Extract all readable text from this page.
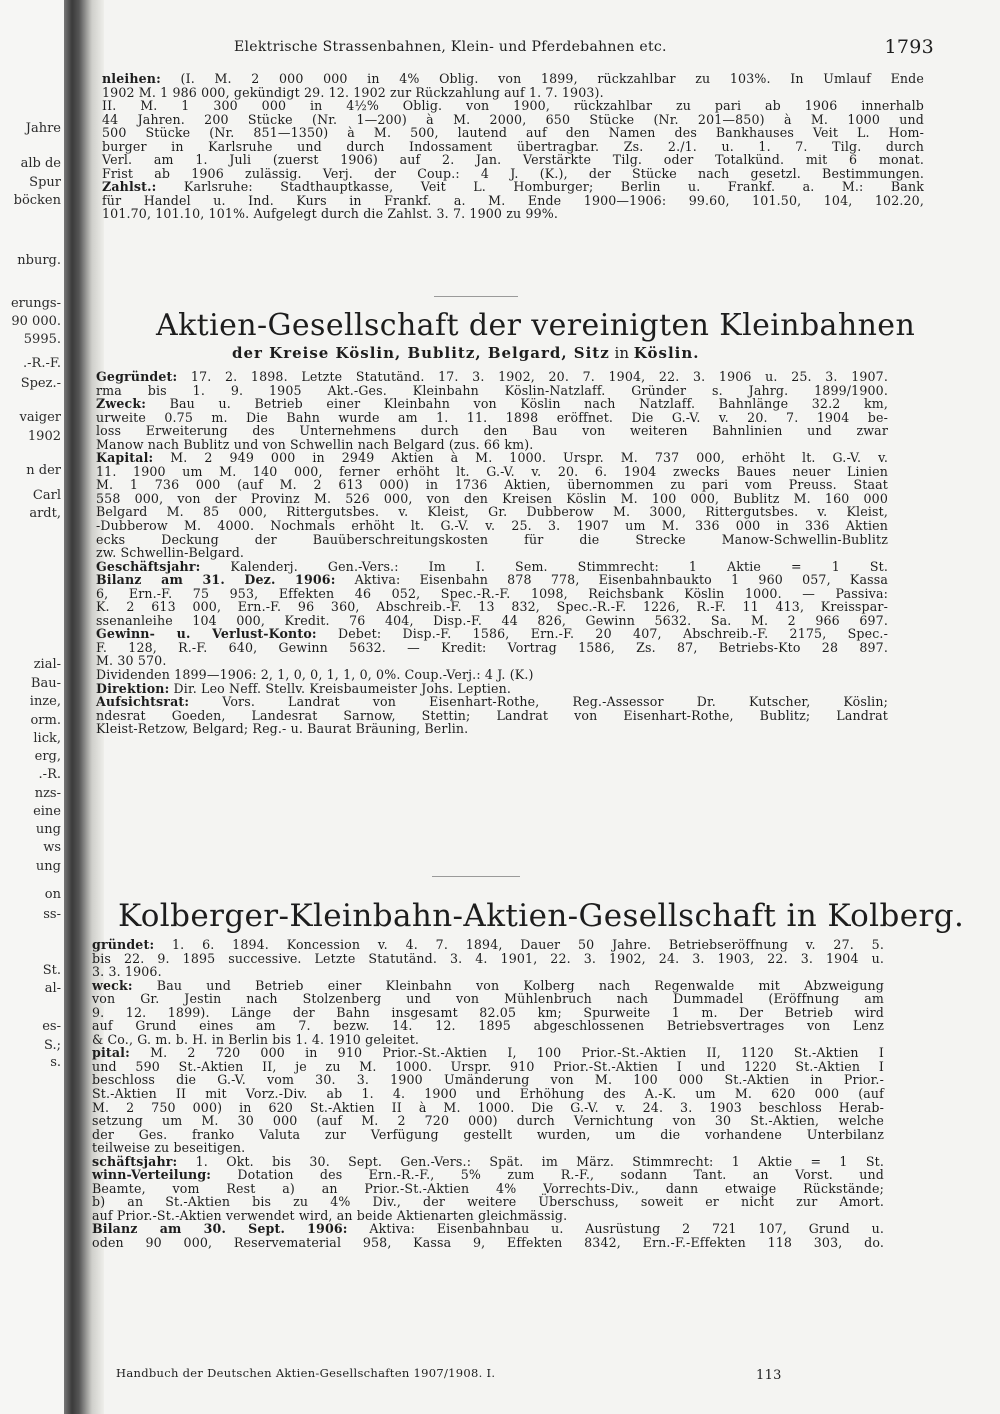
Jahre
alb de
Spur
böcken
nburg.
erungs-
90 000.
5995.
.-R.-F.
Spez.-
vaiger
1902
n der
Carl
ardt,
zial-
Bau-
inze,
orm.
lick,
erg,
.-R.
nzs-
eine
ung
ws
ung
on
ss-
St.
al-
es-
S.;
s.
Elektrische Strassenbahnen, Klein- und Pferdebahnen etc.	1793
nleihen: (I. M. 2 000 000 in 4% Oblig. von 1899, rückzahlbar zu 103%. In Umlauf Ende
1902 M. 1 986 000, gekündigt 29. 12. 1902 zur Rückzahlung auf 1. 7. 1903).
II. M. 1 300 000 in 4½% Oblig. von 1900, rückzahlbar zu pari ab 1906 innerhalb
44 Jahren. 200 Stücke (Nr. 1—200) à M. 2000, 650 Stücke (Nr. 201—850) à M. 1000 und
500 Stücke (Nr. 851—1350) à M. 500, lautend auf den Namen des Bankhauses Veit L. Hom-
burger in Karlsruhe und durch Indossament übertragbar. Zs. 2./1. u. 1. 7. Tilg. durch
Verl. am 1. Juli (zuerst 1906) auf 2. Jan. Verstärkte Tilg. oder Totalkünd. mit 6 monat.
Frist ab 1906 zulässig. Verj. der Coup.: 4 J. (K.), der Stücke nach gesetzl. Bestimmungen.
Zahlst.: Karlsruhe: Stadthauptkasse, Veit L. Homburger; Berlin u. Frankf. a. M.: Bank
für Handel u. Ind. Kurs in Frankf. a. M. Ende 1900—1906: 99.60, 101.50, 104, 102.20,
101.70, 101.10, 101%. Aufgelegt durch die Zahlst. 3. 7. 1900 zu 99%.
Aktien-Gesellschaft der vereinigten Kleinbahnen
der Kreise Köslin, Bublitz, Belgard, Sitz in Köslin.
Gegründet: 17. 2. 1898. Letzte Statutänd. 17. 3. 1902, 20. 7. 1904, 22. 3. 1906 u. 25. 3. 1907.
rma bis 1. 9. 1905 Akt.-Ges. Kleinbahn Köslin-Natzlaff. Gründer s. Jahrg. 1899/1900.
Zweck: Bau u. Betrieb einer Kleinbahn von Köslin nach Natzlaff. Bahnlänge 32.2 km,
urweite 0.75 m. Die Bahn wurde am 1. 11. 1898 eröffnet. Die G.-V. v. 20. 7. 1904 be-
loss Erweiterung des Unternehmens durch den Bau von weiteren Bahnlinien und zwar
Manow nach Bublitz und von Schwellin nach Belgard (zus. 66 km).
Kapital: M. 2 949 000 in 2949 Aktien à M. 1000. Urspr. M. 737 000, erhöht lt. G.-V. v.
11. 1900 um M. 140 000, ferner erhöht lt. G.-V. v. 20. 6. 1904 zwecks Baues neuer Linien
M. 1 736 000 (auf M. 2 613 000) in 1736 Aktien, übernommen zu pari vom Preuss. Staat
558 000, von der Provinz M. 526 000, von den Kreisen Köslin M. 100 000, Bublitz M. 160 000
Belgard M. 85 000, Rittergutsbes. v. Kleist, Gr. Dubberow M. 3000, Rittergutsbes. v. Kleist,
-Dubberow M. 4000. Nochmals erhöht lt. G.-V. v. 25. 3. 1907 um M. 336 000 in 336 Aktien
ecks Deckung der Bauüberschreitungskosten für die Strecke Manow-Schwellin-Bublitz
zw. Schwellin-Belgard.
Geschäftsjahr: Kalenderj. Gen.-Vers.: Im I. Sem. Stimmrecht: 1 Aktie = 1 St.
Bilanz am 31. Dez. 1906: Aktiva: Eisenbahn 878 778, Eisenbahnbaukto 1 960 057, Kassa
6, Ern.-F. 75 953, Effekten 46 052, Spec.-R.-F. 1098, Reichsbank Köslin 1000. — Passiva:
K. 2 613 000, Ern.-F. 96 360, Abschreib.-F. 13 832, Spec.-R.-F. 1226, R.-F. 11 413, Kreisspar-
ssenanleihe 104 000, Kredit. 76 404, Disp.-F. 44 826, Gewinn 5632. Sa. M. 2 966 697.
Gewinn- u. Verlust-Konto: Debet: Disp.-F. 1586, Ern.-F. 20 407, Abschreib.-F. 2175, Spec.-
F. 128, R.-F. 640, Gewinn 5632. — Kredit: Vortrag 1586, Zs. 87, Betriebs-Kto 28 897.
M. 30 570.
Dividenden 1899—1906: 2, 1, 0, 0, 1, 1, 0, 0%. Coup.-Verj.: 4 J. (K.)
Direktion: Dir. Leo Neff. Stellv. Kreisbaumeister Johs. Leptien.
Aufsichtsrat: Vors. Landrat von Eisenhart-Rothe, Reg.-Assessor Dr. Kutscher, Köslin;
ndesrat Goeden, Landesrat Sarnow, Stettin; Landrat von Eisenhart-Rothe, Bublitz; Landrat
Kleist-Retzow, Belgard; Reg.- u. Baurat Bräuning, Berlin.
Kolberger-Kleinbahn-Aktien-Gesellschaft in Kolberg.
gründet: 1. 6. 1894. Koncession v. 4. 7. 1894, Dauer 50 Jahre. Betriebseröffnung v. 27. 5.
bis 22. 9. 1895 successive. Letzte Statutänd. 3. 4. 1901, 22. 3. 1902, 24. 3. 1903, 22. 3. 1904 u.
3. 3. 1906.
weck: Bau und Betrieb einer Kleinbahn von Kolberg nach Regenwalde mit Abzweigung
von Gr. Jestin nach Stolzenberg und von Mühlenbruch nach Dummadel (Eröffnung am
9. 12. 1899). Länge der Bahn insgesamt 82.05 km; Spurweite 1 m. Der Betrieb wird
auf Grund eines am 7. bezw. 14. 12. 1895 abgeschlossenen Betriebsvertrages von Lenz
& Co., G. m. b. H. in Berlin bis 1. 4. 1910 geleitet.
pital: M. 2 720 000 in 910 Prior.-St.-Aktien I, 100 Prior.-St.-Aktien II, 1120 St.-Aktien I
und 590 St.-Aktien II, je zu M. 1000. Urspr. 910 Prior.-St.-Aktien I und 1220 St.-Aktien I
beschloss die G.-V. vom 30. 3. 1900 Umänderung von M. 100 000 St.-Aktien in Prior.-
St.-Aktien II mit Vorz.-Div. ab 1. 4. 1900 und Erhöhung des A.-K. um M. 620 000 (auf
M. 2 750 000) in 620 St.-Aktien II à M. 1000. Die G.-V. v. 24. 3. 1903 beschloss Herab-
setzung um M. 30 000 (auf M. 2 720 000) durch Vernichtung von 30 St.-Aktien, welche
der Ges. franko Valuta zur Verfügung gestellt wurden, um die vorhandene Unterbilanz
teilweise zu beseitigen.
schäftsjahr: 1. Okt. bis 30. Sept. Gen.-Vers.: Spät. im März. Stimmrecht: 1 Aktie = 1 St.
winn-Verteilung: Dotation des Ern.-R.-F., 5% zum R.-F., sodann Tant. an Vorst. und
Beamte, vom Rest a) an Prior.-St.-Aktien 4% Vorrechts-Div., dann etwaige Rückstände;
b) an St.-Aktien bis zu 4% Div., der weitere Überschuss, soweit er nicht zur Amort.
auf Prior.-St.-Aktien verwendet wird, an beide Aktienarten gleichmässig.
Bilanz am 30. Sept. 1906: Aktiva: Eisenbahnbau u. Ausrüstung 2 721 107, Grund u.
oden 90 000, Reservematerial 958, Kassa 9, Effekten 8342, Ern.-F.-Effekten 118 303, do.
Handbuch der Deutschen Aktien-Gesellschaften 1907/1908. I.	113
